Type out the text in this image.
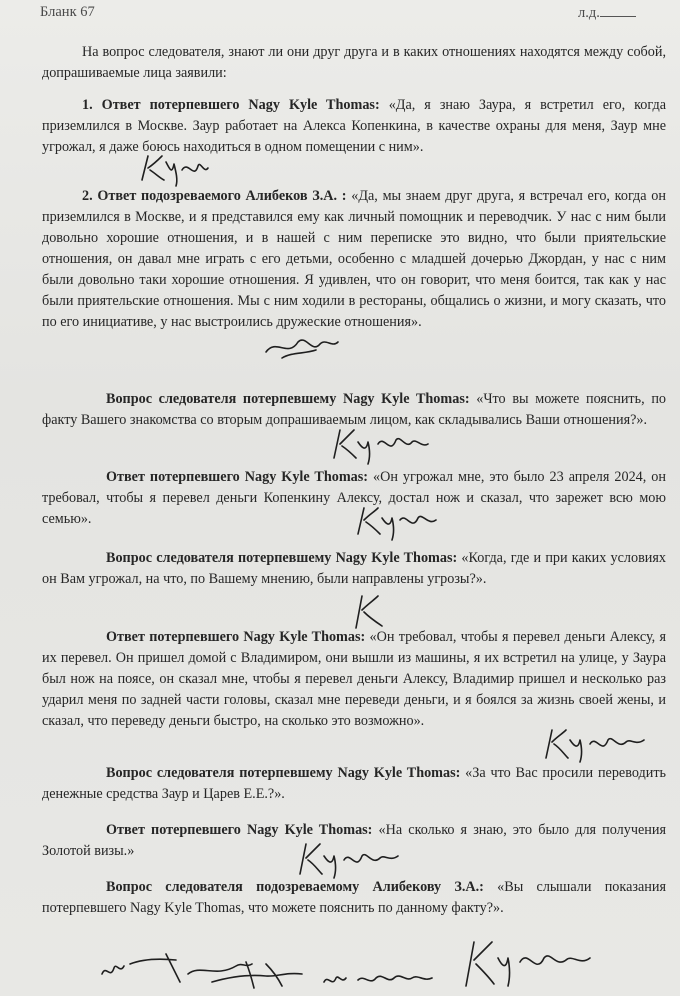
Бланк 67	л.д.
На вопрос следователя, знают ли они друг друга и в каких отношениях находятся между собой, допрашиваемые лица заявили:
1. Ответ потерпевшего Nagy Kyle Thomas: «Да, я знаю Заура, я встретил его, когда приземлился в Москве. Заур работает на Алекса Копенкина, в качестве охраны для меня, Заур мне угрожал, я даже боюсь находиться в одном помещении с ним».
2. Ответ подозреваемого Алибеков З.А. : «Да, мы знаем друг друга, я встречал его, когда он приземлился в Москве, и я представился ему как личный помощник и переводчик. У нас с ним были довольно хорошие отношения, и в нашей с ним переписке это видно, что были приятельские отношения, он давал мне играть с его детьми, особенно с младшей дочерью Джордан, у нас с ним были довольно таки хорошие отношения. Я удивлен, что он говорит, что меня боится, так как у нас были приятельские отношения. Мы с ним ходили в рестораны, общались о жизни, и могу сказать, что по его инициативе, у нас выстроились дружеские отношения».
Вопрос следователя потерпевшему Nagy Kyle Thomas: «Что вы можете пояснить, по факту Вашего знакомства со вторым допрашиваемым лицом, как складывались Ваши отношения?».
Ответ потерпевшего Nagy Kyle Thomas: «Он угрожал мне, это было 23 апреля 2024, он требовал, чтобы я перевел деньги Копенкину Алексу, достал нож и сказал, что зарежет всю мою семью».
Вопрос следователя потерпевшему Nagy Kyle Thomas: «Когда, где и при каких условиях он Вам угрожал, на что, по Вашему мнению, были направлены угрозы?».
Ответ потерпевшего Nagy Kyle Thomas: «Он требовал, чтобы я перевел деньги Алексу, я их перевел. Он пришел домой с Владимиром, они вышли из машины, я их встретил на улице, у Заура был нож на поясе, он сказал мне, чтобы я перевел деньги Алексу, Владимир пришел и несколько раз ударил меня по задней части головы, сказал мне переведи деньги, и я боялся за жизнь своей жены, и сказал, что переведу деньги быстро, на сколько это возможно».
Вопрос следователя потерпевшему Nagy Kyle Thomas: «За что Вас просили переводить денежные средства Заур и Царев Е.Е.?».
Ответ потерпевшего Nagy Kyle Thomas: «На сколько я знаю, это было для получения Золотой визы.»
Вопрос следователя подозреваемому Алибекову З.А.: «Вы слышали показания потерпевшего Nagy Kyle Thomas, что можете пояснить по данному факту?».
